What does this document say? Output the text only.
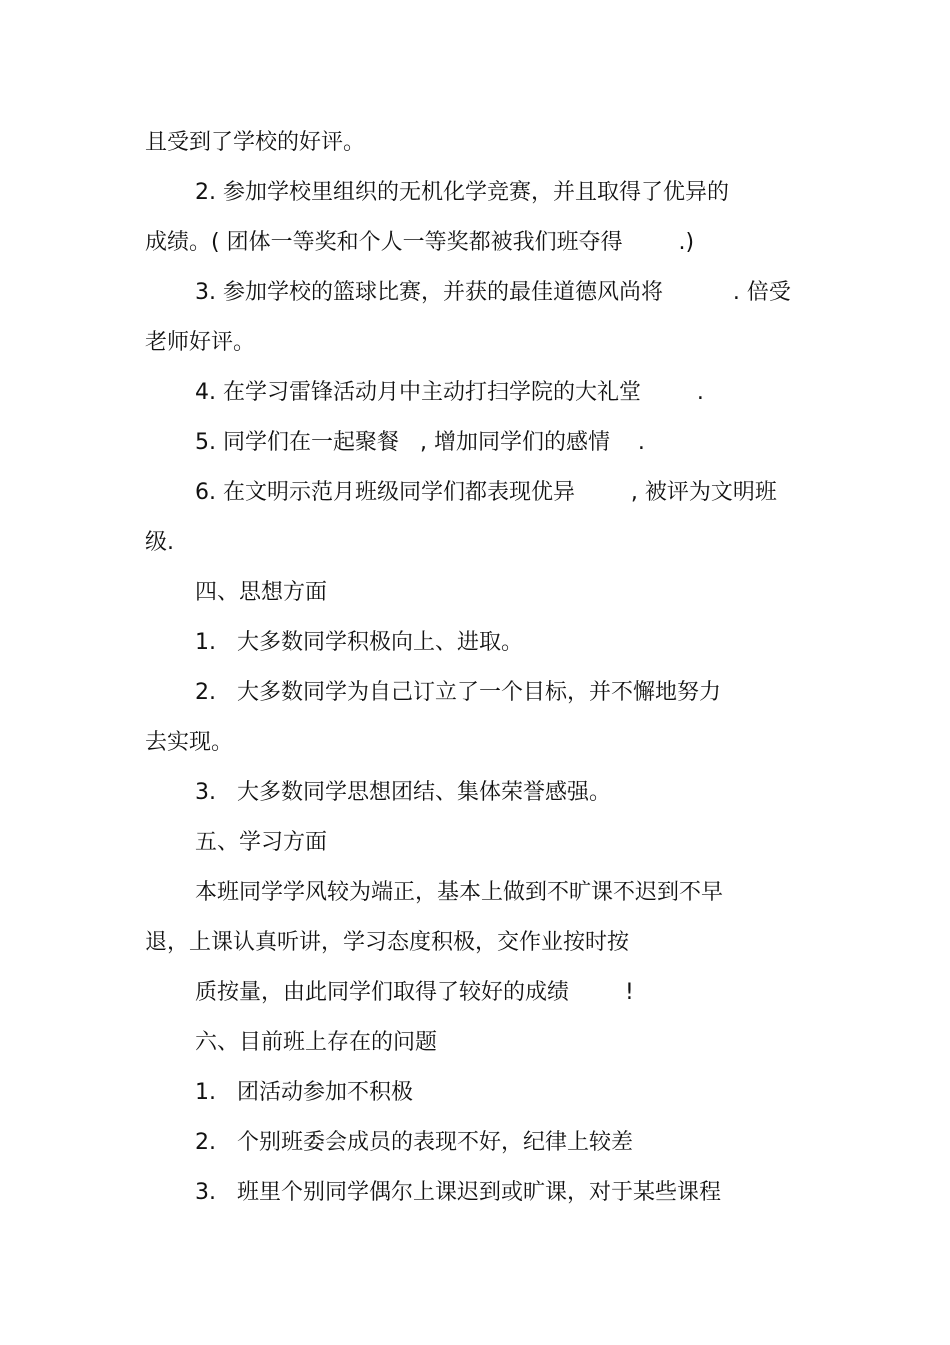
且受到了学校的好评。
2. 参加学校里组织的无机化学竞赛，并且取得了优异的
成绩。( 团体一等奖和个人一等奖都被我们班夺得        .)
3. 参加学校的篮球比赛，并获的最佳道德风尚将          . 倍受
老师好评。
4. 在学习雷锋活动月中主动打扫学院的大礼堂        .
5. 同学们在一起聚餐   , 增加同学们的感情    .
6. 在文明示范月班级同学们都表现优异        , 被评为文明班
级.
四、思想方面
1.   大多数同学积极向上、进取。
2.   大多数同学为自己订立了一个目标，并不懈地努力
去实现。
3.   大多数同学思想团结、集体荣誉感强。
五、学习方面
本班同学学风较为端正，基本上做到不旷课不迟到不早
退，上课认真听讲，学习态度积极，交作业按时按
质按量，由此同学们取得了较好的成绩        !
六、目前班上存在的问题
1.   团活动参加不积极
2.   个别班委会成员的表现不好，纪律上较差
3.   班里个别同学偶尔上课迟到或旷课，对于某些课程
